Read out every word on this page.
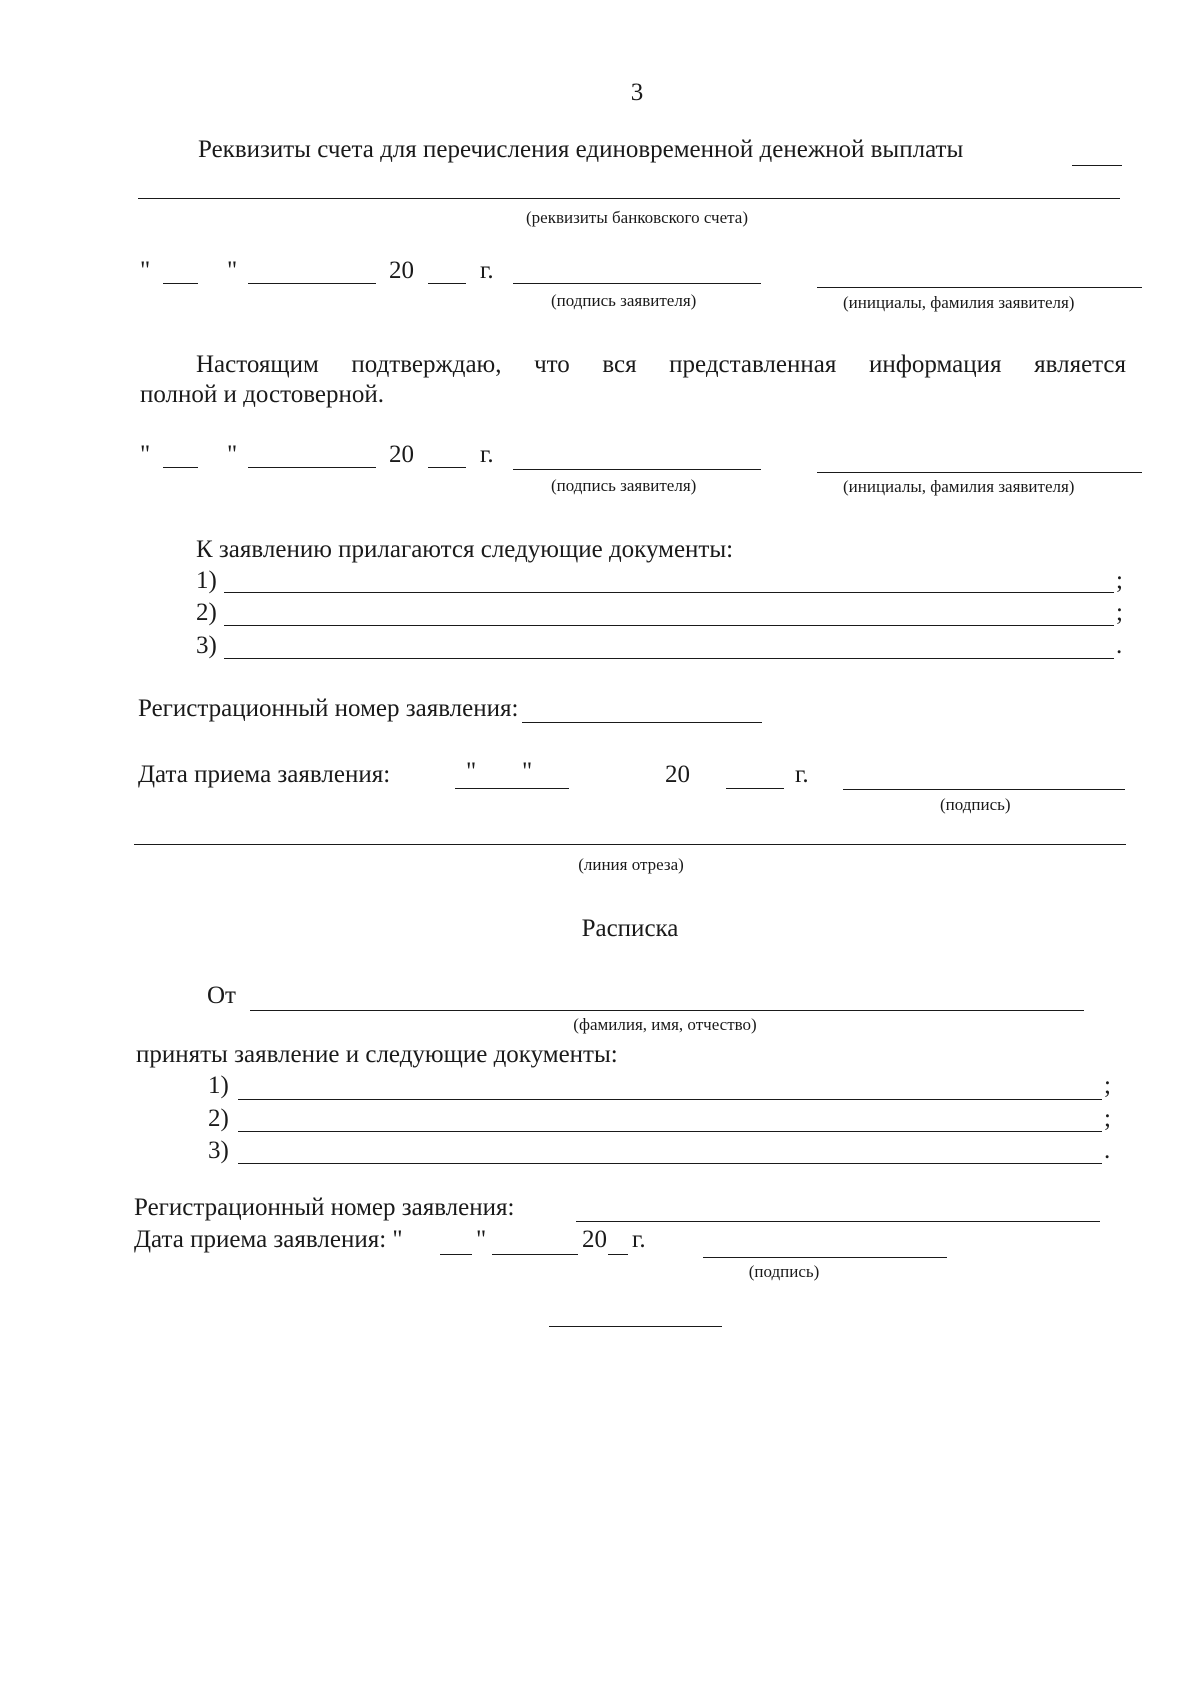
3
Реквизиты счета для перечисления единовременной денежной выплаты
(реквизиты банковского счета)
"	"	20	г.
(подпись заявителя)	(инициалы, фамилия заявителя)
Настоящим подтверждаю, что вся представленная информация является
полной и достоверной.
"	"	20	г.
(подпись заявителя)	(инициалы, фамилия заявителя)
К заявлению прилагаются следующие документы:
1)	;
2)	;
3)	.
Регистрационный номер заявления:
Дата приема заявления:	" "	20	г.
(подпись)
(линия отреза)
Расписка
От
(фамилия, имя, отчество)
приняты заявление и следующие документы:
1)	;
2)	;
3)	.
Регистрационный номер заявления:
Дата приема заявления: "	"	20 г.
(подпись)
